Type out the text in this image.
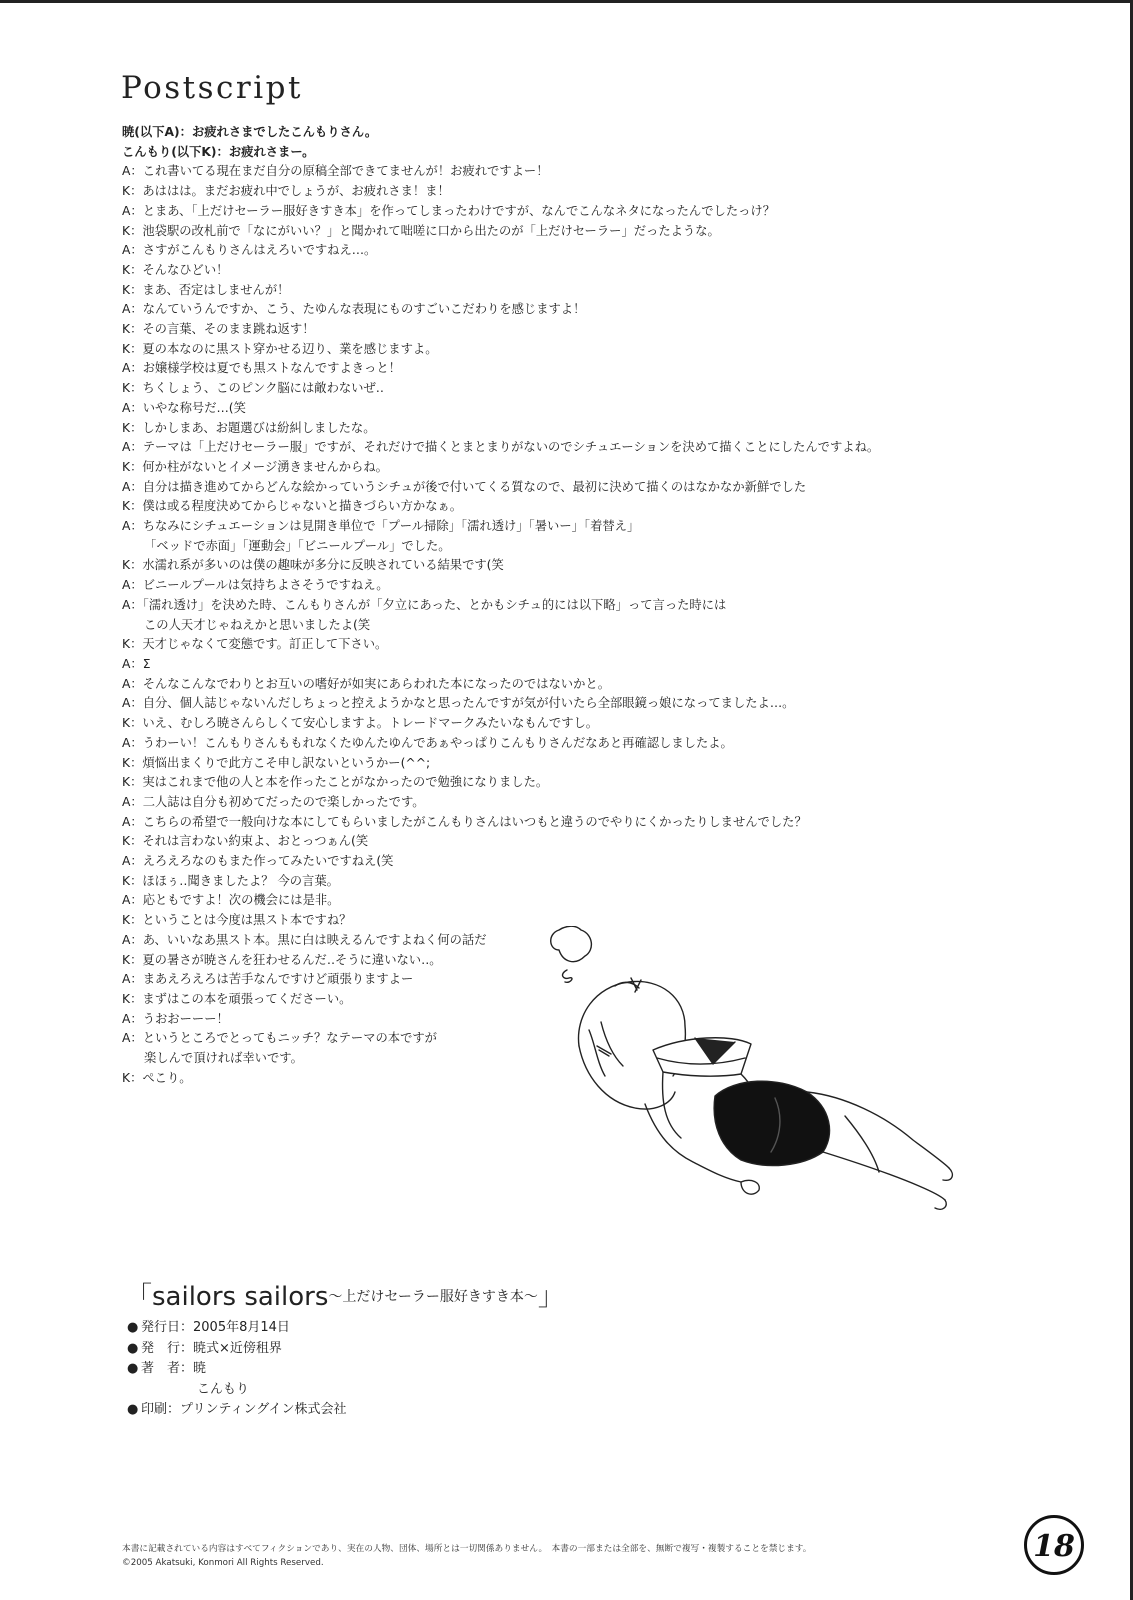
Postscript
暁(以下A)：お疲れさまでしたこんもりさん。
こんもり(以下K)：お疲れさまー。
A：これ書いてる現在まだ自分の原稿全部できてませんが！お疲れですよー！
K：あははは。まだお疲れ中でしょうが、お疲れさま！ま！
A：とまあ、「上だけセーラー服好きすき本」を作ってしまったわけですが、なんでこんなネタになったんでしたっけ？
K：池袋駅の改札前で「なにがいい？」と聞かれて咄嗟に口から出たのが「上だけセーラー」だったような。
A：さすがこんもりさんはえろいですねえ…。
K：そんなひどい！
K：まあ、否定はしませんが！
A：なんていうんですか、こう、たゆんな表現にものすごいこだわりを感じますよ！
K：その言葉、そのまま跳ね返す！
K：夏の本なのに黒スト穿かせる辺り、業を感じますよ。
A：お嬢様学校は夏でも黒ストなんですよきっと！
K：ちくしょう、このピンク脳には敵わないぜ‥
A：いやな称号だ…(笑
K：しかしまあ、お題選びは紛糾しましたな。
A：テーマは「上だけセーラー服」ですが、それだけで描くとまとまりがないのでシチュエーションを決めて描くことにしたんですよね。
K：何か柱がないとイメージ湧きませんからね。
A：自分は描き進めてからどんな絵かっていうシチュが後で付いてくる質なので、最初に決めて描くのはなかなか新鮮でした
K：僕は或る程度決めてからじゃないと描きづらい方かなぁ。
A：ちなみにシチュエーションは見開き単位で「プール掃除」「濡れ透け」「暑いー」「着替え」
「ベッドで赤面」「運動会」「ビニールプール」でした。
K：水濡れ系が多いのは僕の趣味が多分に反映されている結果です(笑
A：ビニールプールは気持ちよさそうですねえ。
A：「濡れ透け」を決めた時、こんもりさんが「夕立にあった、とかもシチュ的には以下略」って言った時には
この人天才じゃねえかと思いましたよ(笑
K：天才じゃなくて変態です。訂正して下さい。
A：Σ
A：そんなこんなでわりとお互いの嗜好が如実にあらわれた本になったのではないかと。
A：自分、個人誌じゃないんだしちょっと控えようかなと思ったんですが気が付いたら全部眼鏡っ娘になってましたよ…。
K：いえ、むしろ暁さんらしくて安心しますよ。トレードマークみたいなもんですし。
A：うわーい！こんもりさんももれなくたゆんたゆんであぁやっぱりこんもりさんだなあと再確認しましたよ。
K：煩悩出まくりで此方こそ申し訳ないというかー(^^;
K：実はこれまで他の人と本を作ったことがなかったので勉強になりました。
A：二人誌は自分も初めてだったので楽しかったです。
A：こちらの希望で一般向けな本にしてもらいましたがこんもりさんはいつもと違うのでやりにくかったりしませんでした？
K：それは言わない約束よ、おとっつぁん(笑
A：えろえろなのもまた作ってみたいですねえ(笑
K：ほほぅ‥聞きましたよ？ 今の言葉。
A：応ともですよ！次の機会には是非。
K：ということは今度は黒スト本ですね？
A：あ、いいなあ黒スト本。黒に白は映えるんですよねく何の話だ
K：夏の暑さが暁さんを狂わせるんだ‥そうに違いない‥。
A：まあえろえろは苦手なんですけど頑張りますよー
K：まずはこの本を頑張ってくださーい。
A：うおおーーー！
A：というところでとってもニッチ？なテーマの本ですが
楽しんで頂ければ幸いです。
K：ぺこり。
「sailors sailors$^{\sim 上だけセーラー服好きすき本\sim}$」
● 発行日： 2005年8月14日
● 発　行： 暁式×近傍租界
● 著　者： 暁
こんもり
● 印刷： プリンティングイン株式会社
本書に記載されている内容はすべてフィクションであり、実在の人物、団体、場所とは一切関係ありません。　本書の一部または全部を、無断で複写・複製することを禁じます。
©2005 Akatsuki, Konmori All Rights Reserved.	18
